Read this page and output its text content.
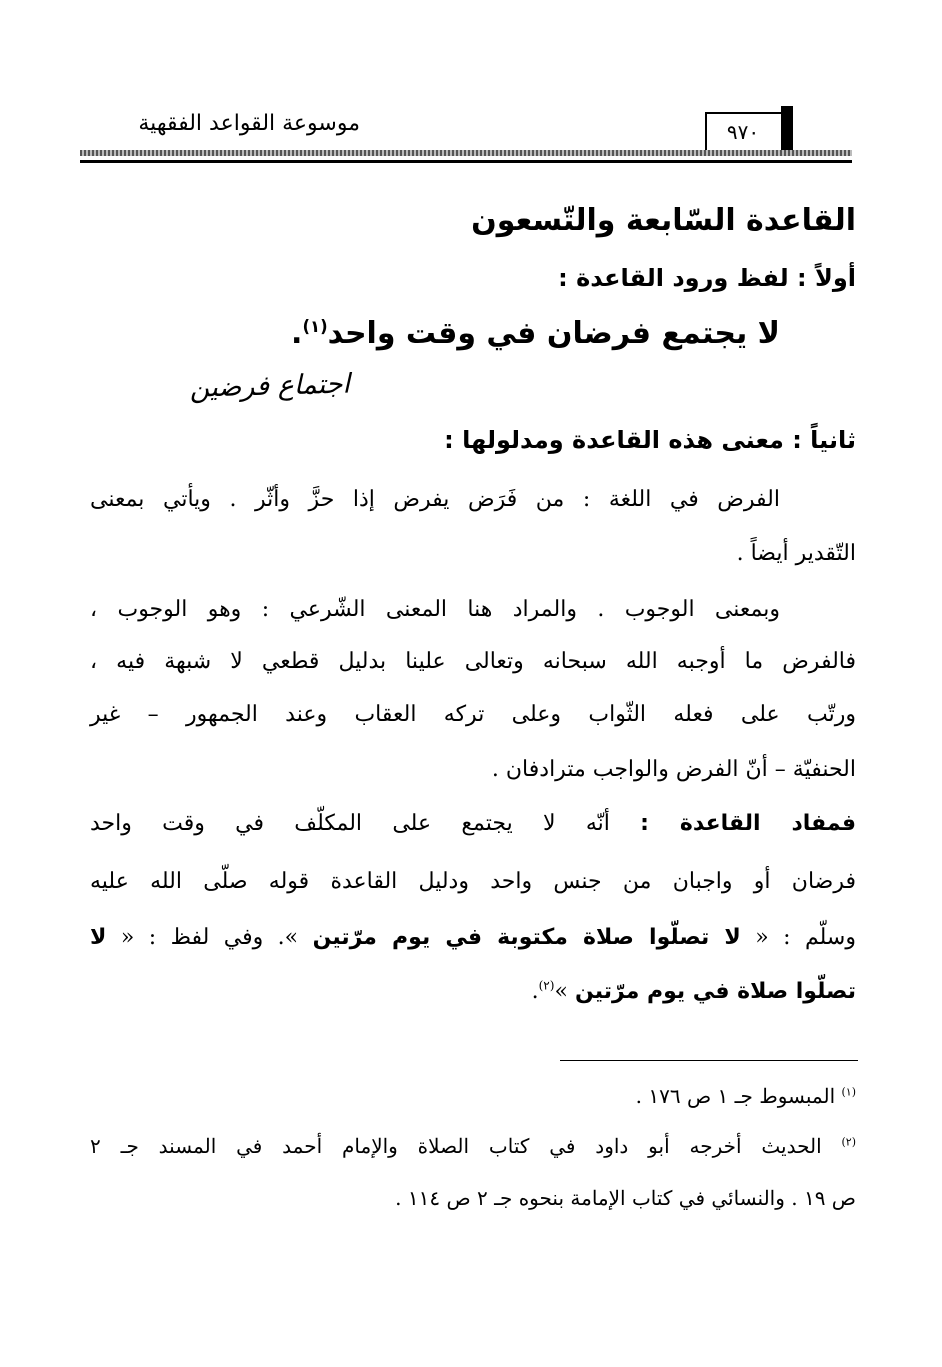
موسوعة القواعد الفقهية	٩٧٠
القاعدة السّابعة والتّسعون
أولاً : لفظ ورود القاعدة :
لا يجتمع فرضان في وقت واحد$^{(١)}$.
اجتماع فرضين
ثانياً : معنى هذه القاعدة ومدلولها :
الفرض في اللغة : من فَرَض يفرض إذا حزَّ وأثّر . ويأتي بمعنى
التّقدير أيضاً .
وبمعنى الوجوب . والمراد هنا المعنى الشّرعي : وهو الوجوب ،
فالفرض ما أوجبه الله سبحانه وتعالى علينا بدليل قطعي لا شبهة فيه ،
ورتّب على فعله الثّواب وعلى تركه العقاب وعند الجمهور – غير
الحنفيّة – أنّ الفرض والواجب مترادفان .
فمفاد القاعدة : أنّه لا يجتمع على المكلّف في وقت واحد
فرضان أو واجبان من جنس واحد ودليل القاعدة قوله صلّى الله عليه
وسلّم : « لا تصلّوا صلاة مكتوبة في يوم مرّتين ». وفي لفظ : « لا
تصلّوا صلاة في يوم مرّتين »$^{(٢)}$.
$^{(١)}$ المبسوط جـ ١ ص ١٧٦ .
$^{(٢)}$ الحديث أخرجه أبو داود في كتاب الصلاة والإمام أحمد في المسند جـ ٢
ص ١٩ . والنسائي في كتاب الإمامة بنحوه جـ ٢ ص ١١٤ .
